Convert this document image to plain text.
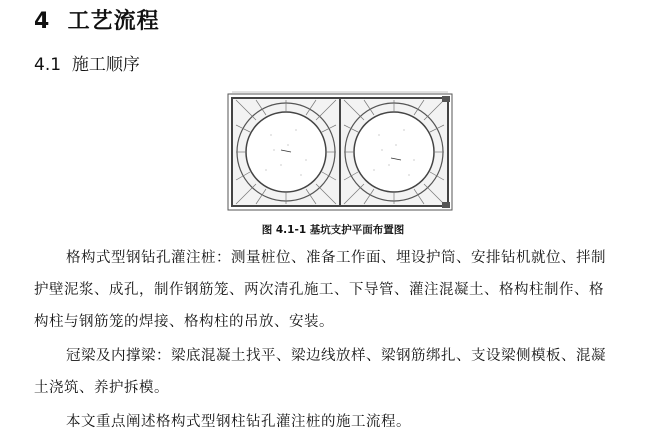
4 工艺流程
4.1 施工顺序
图 4.1-1 基坑支护平面布置图
格构式型钢钻孔灌注桩：测量桩位、准备工作面、埋设护筒、安排钻机就位、拌制
护壁泥浆、成孔，制作钢筋笼、两次清孔施工、下导管、灌注混凝土、格构柱制作、格
构柱与钢筋笼的焊接、格构柱的吊放、安装。
冠梁及内撑梁：梁底混凝土找平、梁边线放样、梁钢筋绑扎、支设梁侧模板、混凝
土浇筑、养护拆模。
本文重点阐述格构式型钢柱钻孔灌注桩的施工流程。
